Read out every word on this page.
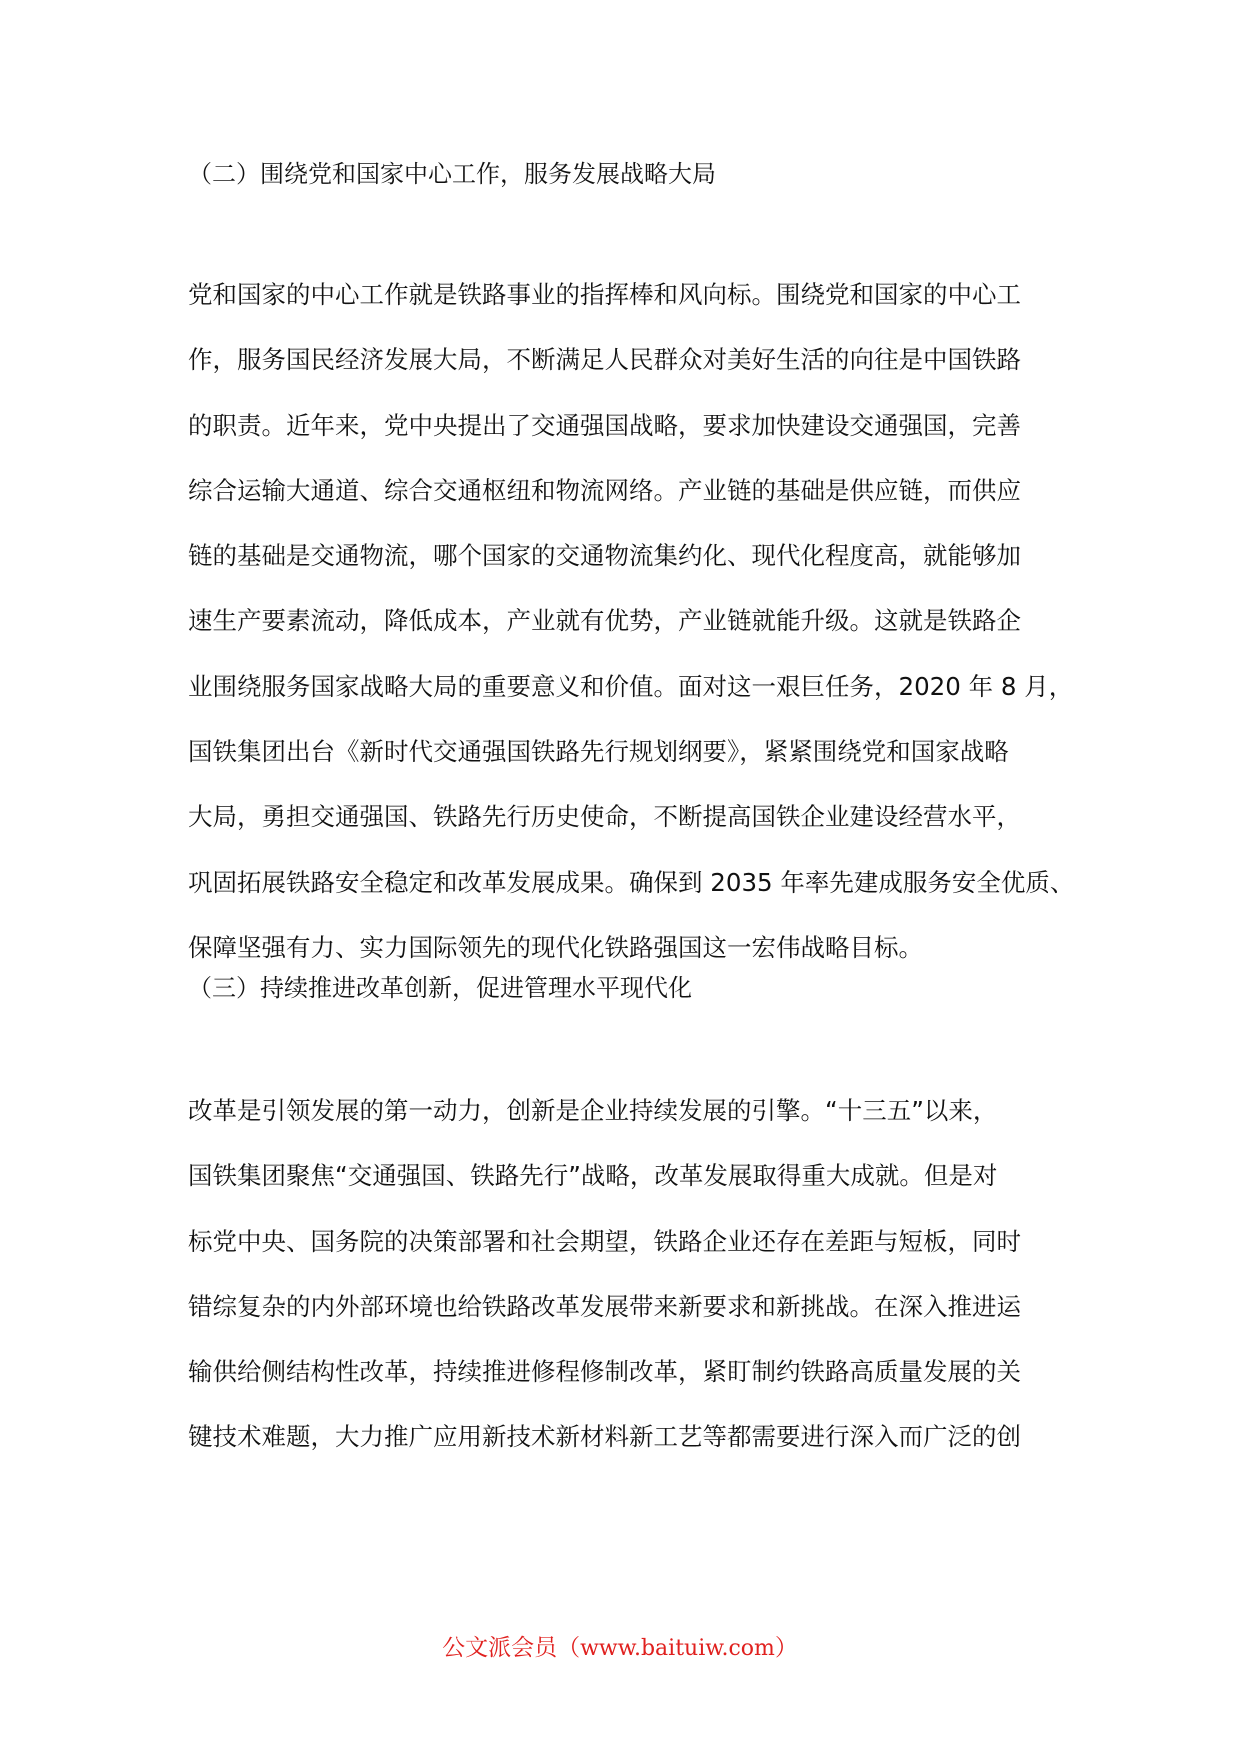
（二）围绕党和国家中心工作，服务发展战略大局
党和国家的中心工作就是铁路事业的指挥棒和风向标。围绕党和国家的中心工
作，服务国民经济发展大局，不断满足人民群众对美好生活的向往是中国铁路
的职责。近年来，党中央提出了交通强国战略，要求加快建设交通强国，完善
综合运输大通道、综合交通枢纽和物流网络。产业链的基础是供应链，而供应
链的基础是交通物流，哪个国家的交通物流集约化、现代化程度高，就能够加
速生产要素流动，降低成本，产业就有优势，产业链就能升级。这就是铁路企
业围绕服务国家战略大局的重要意义和价值。面对这一艰巨任务，2020 年 8 月，
国铁集团出台《新时代交通强国铁路先行规划纲要》，紧紧围绕党和国家战略
大局，勇担交通强国、铁路先行历史使命，不断提高国铁企业建设经营水平，
巩固拓展铁路安全稳定和改革发展成果。确保到 2035 年率先建成服务安全优质、
保障坚强有力、实力国际领先的现代化铁路强国这一宏伟战略目标。
（三）持续推进改革创新，促进管理水平现代化
改革是引领发展的第一动力，创新是企业持续发展的引擎。“十三五”以来，
国铁集团聚焦“交通强国、铁路先行”战略，改革发展取得重大成就。但是对
标党中央、国务院的决策部署和社会期望，铁路企业还存在差距与短板，同时
错综复杂的内外部环境也给铁路改革发展带来新要求和新挑战。在深入推进运
输供给侧结构性改革，持续推进修程修制改革，紧盯制约铁路高质量发展的关
键技术难题，大力推广应用新技术新材料新工艺等都需要进行深入而广泛的创
公文派会员（www.baituiw.com）
